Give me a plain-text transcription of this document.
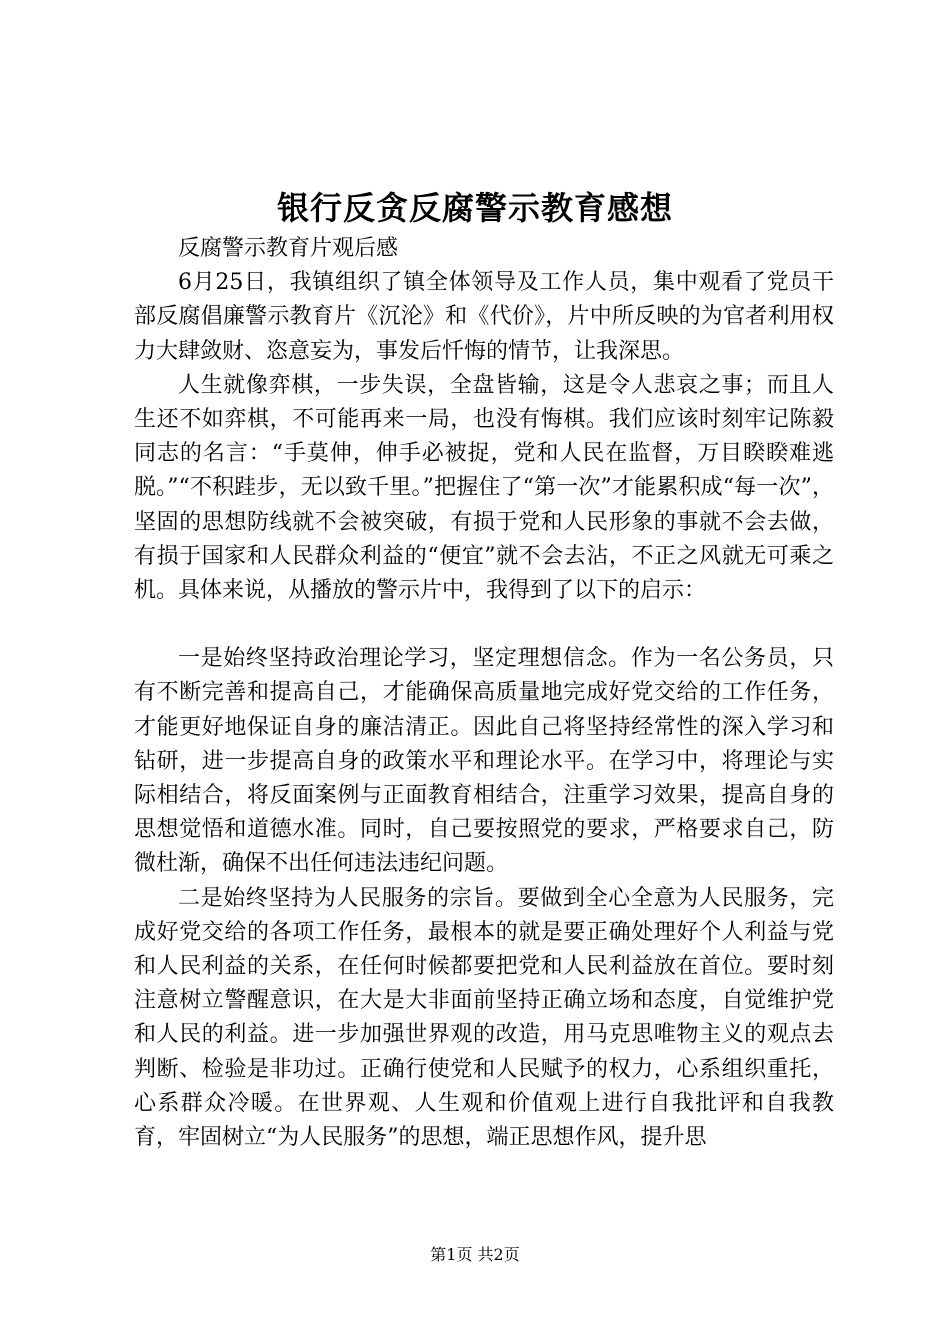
银行反贪反腐警示教育感想

反腐警示教育片观后感

6月25日，我镇组织了镇全体领导及工作人员，集中观看了党员干部反腐倡廉警示教育片《沉沦》和《代价》，片中所反映的为官者利用权力大肆敛财、恣意妄为，事发后忏悔的情节，让我深思。

人生就像弈棋，一步失误，全盘皆输，这是令人悲哀之事；而且人生还不如弈棋，不可能再来一局，也没有悔棋。我们应该时刻牢记陈毅同志的名言：“手莫伸，伸手必被捉，党和人民在监督，万目睽睽难逃脱。”“不积跬步，无以致千里。”把握住了“第一次”才能累积成“每一次”，坚固的思想防线就不会被突破，有损于党和人民形象的事就不会去做，有损于国家和人民群众利益的“便宜”就不会去沾，不正之风就无可乘之机。具体来说，从播放的警示片中，我得到了以下的启示：

一是始终坚持政治理论学习，坚定理想信念。作为一名公务员，只有不断完善和提高自己，才能确保高质量地完成好党交给的工作任务，才能更好地保证自身的廉洁清正。因此自己将坚持经常性的深入学习和钻研，进一步提高自身的政策水平和理论水平。在学习中，将理论与实际相结合，将反面案例与正面教育相结合，注重学习效果，提高自身的思想觉悟和道德水准。同时，自己要按照党的要求，严格要求自己，防微杜渐，确保不出任何违法违纪问题。

二是始终坚持为人民服务的宗旨。要做到全心全意为人民服务，完成好党交给的各项工作任务，最根本的就是要正确处理好个人利益与党和人民利益的关系，在任何时候都要把党和人民利益放在首位。要时刻注意树立警醒意识，在大是大非面前坚持正确立场和态度，自觉维护党和人民的利益。进一步加强世界观的改造，用马克思唯物主义的观点去判断、检验是非功过。正确行使党和人民赋予的权力，心系组织重托，心系群众冷暖。在世界观、人生观和价值观上进行自我批评和自我教育，牢固树立“为人民服务”的思想，端正思想作风，提升思

第1页 共2页
